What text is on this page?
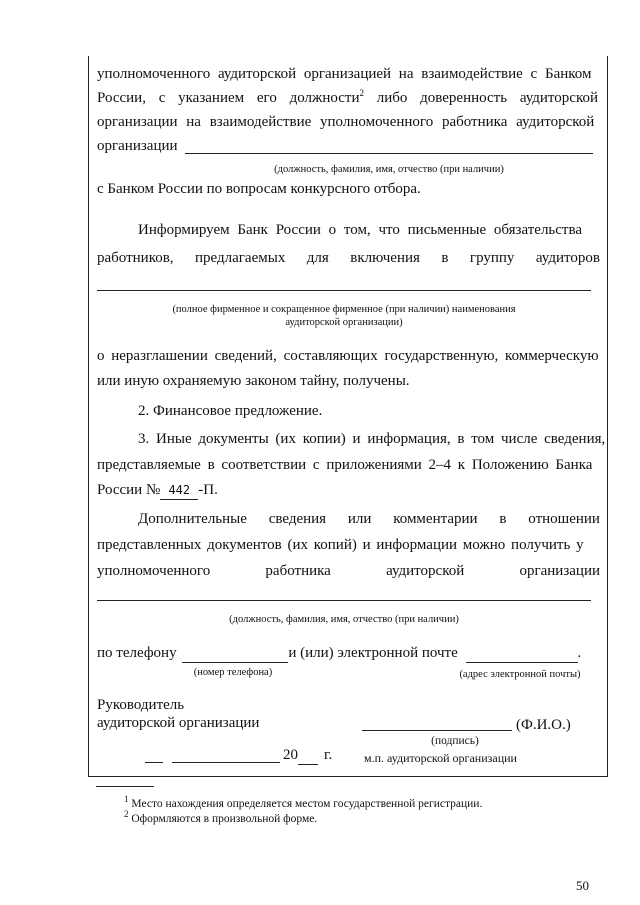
уполномоченного аудиторской организацией на взаимодействие с Банком
России, с указанием его должности$^2$ либо доверенность аудиторской
организации на взаимодействие уполномоченного работника аудиторской
организации
(должность, фамилия, имя, отчество (при наличии)
с Банком России по вопросам конкурсного отбора.
Информируем Банк России о том, что письменные обязательства
работников, предлагаемых для включения в группу аудиторов
(полное фирменное и сокращенное фирменное (при наличии) наименования
аудиторской организации)
о неразглашении сведений, составляющих государственную, коммерческую
или иную охраняемую законом тайну, получены.
2. Финансовое предложение.
3. Иные документы (их копии) и информация, в том числе сведения,
представляемые в соответствии с приложениями 2–4 к Положению Банка
России № 442 -П.
Дополнительные сведения или комментарии в отношении
представленных документов (их копий) и информации можно получить у
уполномоченного	работника	аудиторской	организации
(должность, фамилия, имя, отчество (при наличии)
по телефону	и (или) электронной почте	.
(номер телефона)	(адрес электронной почты)
Руководитель
аудиторской организации	(Ф.И.О.)
(подпись)
20 г.	м.п. аудиторской организации
$^1$ Место нахождения определяется местом государственной регистрации.
$^2$ Оформляются в произвольной форме.
50
